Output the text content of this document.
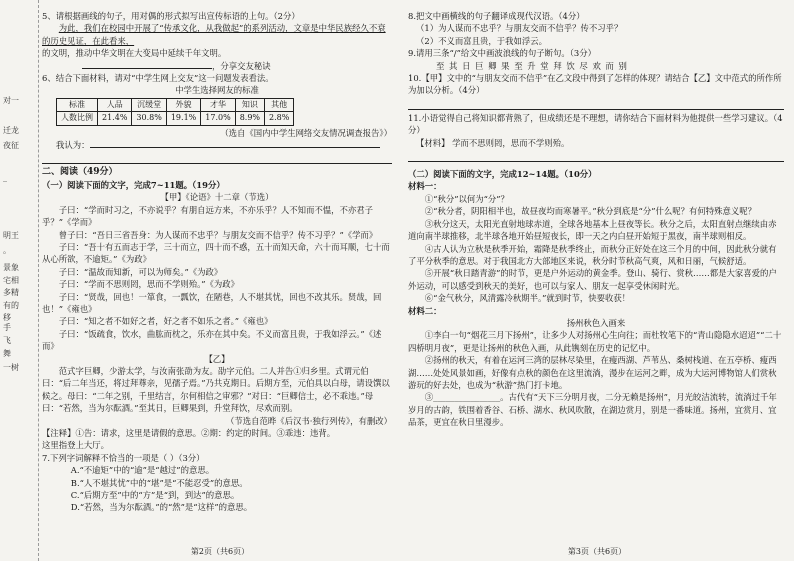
对一
迁龙
夜征
_
明王
。
景象
宅相
多精
有的
移
手
飞
舞
一树

5、请根据画线的句子，用对偶的形式拟写出宣传标语的上句。（2分）

为此，我们在校园中开展了“传承文化，从我做起”的系列活动，文章是中华民族经久不衰的历史见证，在此看来，

的文明，推动中华文明在大变局中延续千年文明。

，分享交友秘诀

6、结合下面材料，请对“中学生网上交友”这一问题发表看法。

中学生选择网友的标准

标准	人品	沉缓堂	外貌	才华	知识	其他
人数比例	21.4%	30.8%	19.1%	17.0%	8.9%	2.8%

（选自《国内中学生网络交友情况调查报告》）

我认为：

二、阅读（49分）

（一）阅读下面的文字，完成7~11题。（19分）

【甲】《论语》十二章（节选）

子曰：“学而时习之，不亦说乎？有朋自远方来，不亦乐乎？人不知而不愠，不亦君子乎？”《学而》

曾子曰：“吾日三省吾身：为人谋而不忠乎？与朋友交而不信乎？传不习乎？”《学而》

子曰：“吾十有五而志于学，三十而立，四十而不惑，五十而知天命，六十而耳顺，七十而从心所欲，不逾矩。”《为政》

子曰：“温故而知新，可以为师矣。”《为政》

子曰：“学而不思则罔，思而不学则殆。”《为政》

子曰：“贤哉，回也！一箪食，一瓢饮，在陋巷，人不堪其忧，回也不改其乐。贤哉，回也！”《雍也》

子曰：“知之者不如好之者，好之者不如乐之者。”《雍也》

子曰：“饭疏食，饮水，曲肱而枕之，乐亦在其中矣。不义而富且贵，于我如浮云。”《述而》

【乙】

范式字巨卿，少游太学，与汝南张劭为友。劭字元伯。二人并告①归乡里。式谓元伯曰：“后二年当还，将过拜尊亲，见孺子焉。”乃共克期日。后期方至，元伯具以白母，请设馔以候之。母曰：“二年之别，千里结言，尔何相信之审邪？”对曰：“巨卿信士，必不乖违。”母曰：“若然，当为尔酝酒。”至其日，巨卿果到，升堂拜饮，尽欢而别。

（节选自范晔《后汉书·独行列传》，有删改）

【注释】①告：请求，这里是请假的意思。②期：约定的时间。③乖违：违背。

这里指登上大厅。

7.下列字词解释不恰当的一项是（ ）（3分）

A.“不逾矩”中的“逾”是“越过”的意思。

B.“人不堪其忧”中的“堪”是“不能忍受”的意思。

C.“后期方至”中的“方”是“到，到达”的意思。

D.“若然，当为尔酝酒。”的“然”是“这样”的意思。

第2页（共6页）

8.把文中画横线的句子翻译成现代汉语。（4分）

（1）为人谋而不忠乎？与朋友交而不信乎？传不习乎？

（2）不义而富且贵，于我如浮云。

9.请用三条“/”给文中画波浪线的句子断句。（3分）

至 其 日 巨 卿 果 至 升 堂 拜 饮 尽 欢 而 别

10.【甲】文中的“与朋友交而不信乎”在乙文段中得到了怎样的体现？请结合【乙】文中范式的所作所为加以分析。（4分）

11.小语觉得自己将知识都背熟了，但成绩还是不理想，请你结合下面材料为他提供一些学习建议。（4分）

【材料】 学而不思则罔，思而不学则殆。

（二）阅读下面的文字，完成12~14题。（10分）

材料一：

①“秋分”以何为“分”？

②“秋分者，阴阳相半也，故昼夜均而寒暑平。”秋分到底是“分”什么呢？有何特殊意义呢？

③秋分这天，太阳光直射地球赤道，全球各地基本上昼夜等长。秋分之后，太阳直射点继续由赤道向南半球推移，北半球各地开始昼短夜长，即一天之内白昼开始短于黑夜，南半球则相反。

④古人认为立秋是秋季开始，霜降是秋季终止，而秋分正好处在这三个月的中间，因此秋分就有了平分秋季的意思。对于我国北方大部地区来说，秋分时节秋高气爽，风和日丽，气候舒适。

⑤开展“秋日踏青游”的时节，更是户外运动的黄金季。登山、骑行、赏秋……都是大家喜爱的户外运动，可以感受到秋天的美好，也可以与家人、朋友一起享受休闲时光。

⑥“金气秋分，风清露冷秋期半。”就到时节，快要收获！

材料二：

扬州秋色入画来

①李白一句“烟花三月下扬州”，让多少人对扬州心生向往；而杜牧笔下的“青山隐隐水迢迢”“二十四桥明月夜”，更是让扬州的秋色入画，从此镌刻在历史的记忆中。

②扬州的秋天，有着在运河三湾的层林尽染里，在瘦西湖、芦苇丛、桑树栈道、在五亭桥、瘦西湖……处处风景如画，好像有点秋的颜色在这里流淌，漫步在运河之畔，成为大运河博物馆人们赏秋游玩的好去处，也成为“秋游”热门打卡地。

③________________。古代有“天下三分明月夜，二分无赖是扬州”，月光皎洁流转，流淌过千年岁月的古韵，铁围着香谷、石桥、湖水、秋风吹散，在湖边赏月，别是一番味道。扬州，宜赏月、宜品茶，更宜在秋日里漫步。

第3页（共6页）
